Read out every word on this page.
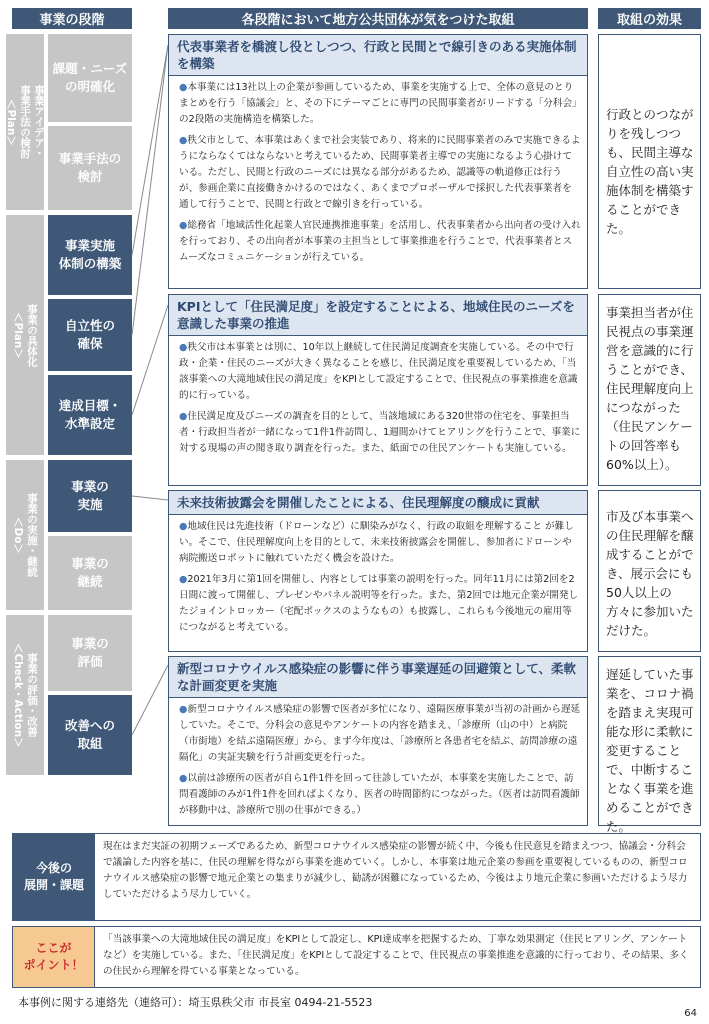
事業の段階	各段階において地方公共団体が気をつけた取組	取組の効果
事業アイデア・
事業手法の検討
＜Plan＞
事業の具体化
＜Plan＞
事業の実施・継続
＜Do＞
事業の評価・改善
＜Check・Action＞
課題・ニーズ
の明確化
事業手法の
検討
事業実施
体制の構築
自立性の
確保
達成目標・
水準設定
事業の
実施
事業の
継続
事業の
評価
改善への
取組
代表事業者を橋渡し役としつつ、行政と民間とで線引きのある実施体制を構築

●本事業には13社以上の企業が参画しているため、事業を実施する上で、全体の意見のとりまとめを行う「協議会」と、その下にテーマごとに専門の民間事業者がリードする「分科会」の2段階の実施構造を構築した。

●秩父市として、本事業はあくまで社会実装であり、将来的に民間事業者のみで実施できるようにならなくてはならないと考えているため、民間事業者主導での実施になるよう心掛けている。ただし、民間と行政のニーズには異なる部分があるため、認識等の軌道修正は行うが、参画企業に直接働きかけるのではなく、あくまでプロポーザルで採択した代表事業者を通して行うことで、民間と行政とで線引きを行っている。

●総務省「地域活性化起業人官民連携推進事業」を活用し、代表事業者から出向者の受け入れを行っており、その出向者が本事業の主担当として事業推進を行うことで、代表事業者とスムーズなコミュニケーションが行えている。

行政とのつながりを残しつつも、民間主導な自立性の高い実施体制を構築することができた。
KPIとして「住民満足度」を設定することによる、地域住民のニーズを意識した事業の推進

●秩父市は本事業とは別に、10年以上継続して住民満足度調査を実施している。その中で行政・企業・住民のニーズが大きく異なることを感じ、住民満足度を重要視しているため、「当該事業への大滝地域住民の満足度」をKPIとして設定することで、住民視点の事業推進を意識的に行っている。

●住民満足度及びニーズの調査を目的として、当該地域にある320世帯の住宅を、事業担当者・行政担当者が一緒になって1件1件訪問し、1週間かけてヒアリングを行うことで、事業に対する現場の声の聞き取り調査を行った。また、紙面での住民アンケートも実施している。

事業担当者が住民視点の事業運営を意識的に行うことができ、住民理解度向上につながった（住民アンケートの回答率も60%以上）。
未来技術披露会を開催したことによる、住民理解度の醸成に貢献

●地域住民は先進技術（ドローンなど）に馴染みがなく、行政の取組を理解すること が難しい。そこで、住民理解度向上を目的として、未来技術披露会を開催し、参加者にドローンや病院搬送ロボットに触れていただく機会を設けた。

●2021年3月に第1回を開催し、内容としては事業の説明を行った。同年11月には第2回を2日間に渡って開催し、プレゼンやパネル説明等を行った。また、第2回では地元企業が開発したジョイントロッカー（宅配ボックスのようなもの）も披露し、これらも今後地元の雇用等につながると考えている。

市及び本事業への住民理解を醸成することができ、展示会にも50人以上の方々に参加いただけた。
新型コロナウイルス感染症の影響に伴う事業遅延の回避策として、柔軟な計画変更を実施

●新型コロナウイルス感染症の影響で医者が多忙になり、遠隔医療事業が当初の計画から遅延していた。そこで、分科会の意見やアンケートの内容を踏まえ、「診療所（山の中）と病院（市街地）を結ぶ遠隔医療」から、まず今年度は、「診療所と各患者宅を結ぶ、訪問診療の遠隔化」の実証実験を行う計画変更を行った。

●以前は診療所の医者が自ら1件1件を回って往診していたが、本事業を実施したことで、訪問看護師のみが1件1件を回ればよくなり、医者の時間節約につながった。（医者は訪問看護師が移動中は、診療所で別の仕事ができる。）

遅延していた事業を、コロナ禍を踏まえ実現可能な形に柔軟に変更することで、中断することなく事業を進めることができた。
今後の
展開・課題
現在はまだ実証の初期フェーズであるため、新型コロナウイルス感染症の影響が続く中、今後も住民意見を踏まえつつ、協議会・分科会で議論した内容を基に、住民の理解を得ながら事業を進めていく。しかし、本事業は地元企業の参画を重要視しているものの、新型コロナウイルス感染症の影響で地元企業との集まりが減少し、勧誘が困難になっているため、今後はより地元企業に参画いただけるよう尽力していただけるよう尽力していく。
ここが
ポイント！
「当該事業への大滝地域住民の満足度」をKPIとして設定し、KPI達成率を把握するため、丁寧な効果測定（住民ヒアリング、アンケートなど）を実施している。また、「住民満足度」をKPIとして設定することで、住民視点の事業推進を意識的に行っており、その結果、多くの住民から理解を得ている事業となっている。
本事例に関する連絡先（連絡可）：埼玉県秩父市 市長室 0494-21-5523
64
